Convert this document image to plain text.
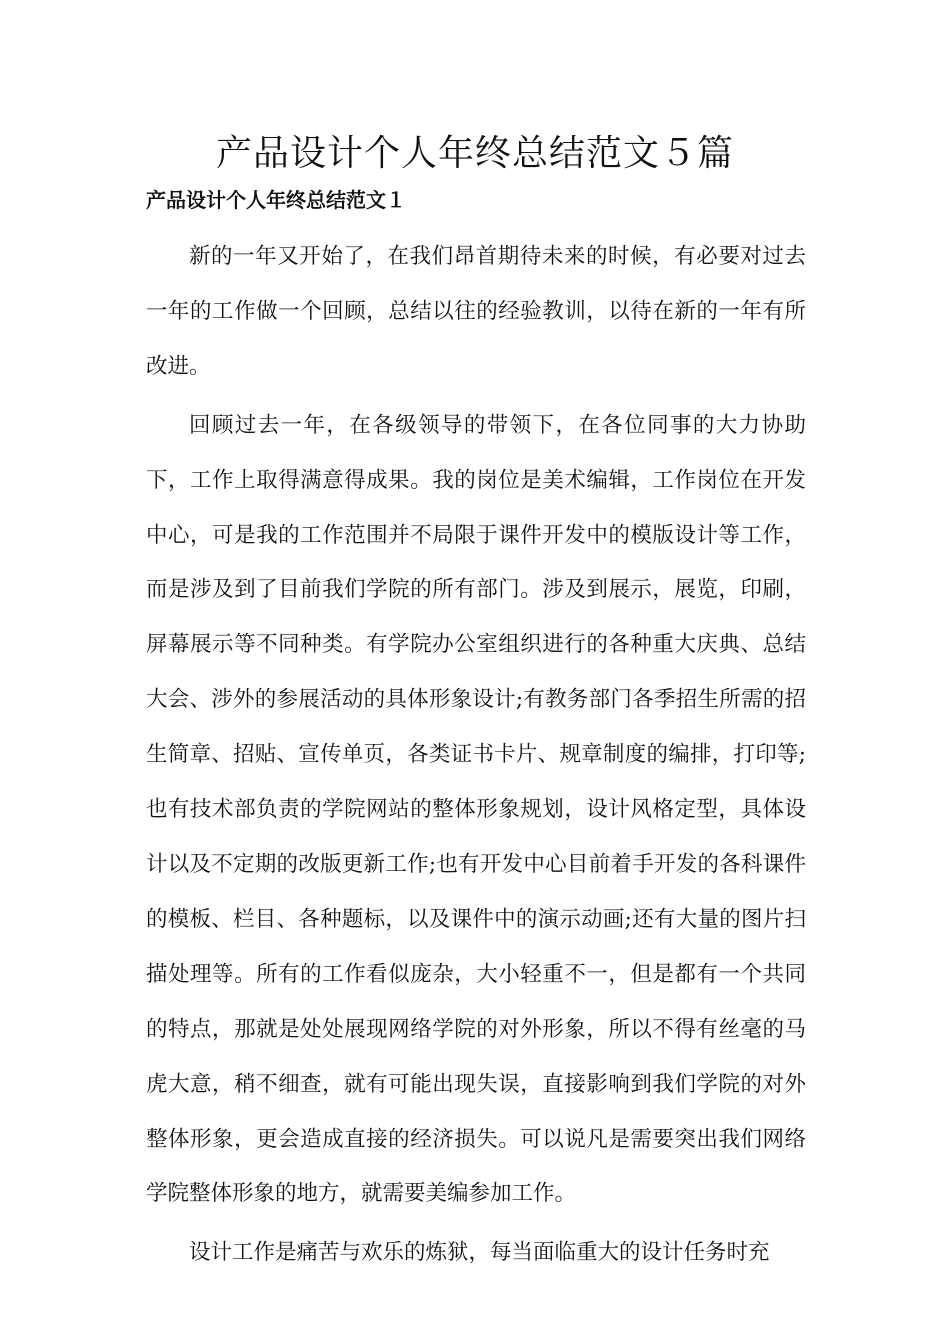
产品设计个人年终总结范文５篇
产品设计个人年终总结范文１

新的一年又开始了，在我们昂首期待未来的时候，有必要对过去一年的工作做一个回顾，总结以往的经验教训，以待在新的一年有所改进。

回顾过去一年，在各级领导的带领下，在各位同事的大力协助下，工作上取得满意得成果。我的岗位是美术编辑，工作岗位在开发中心，可是我的工作范围并不局限于课件开发中的模版设计等工作，而是涉及到了目前我们学院的所有部门。涉及到展示，展览，印刷，屏幕展示等不同种类。有学院办公室组织进行的各种重大庆典、总结大会、涉外的参展活动的具体形象设计;有教务部门各季招生所需的招生简章、招贴、宣传单页，各类证书卡片、规章制度的编排，打印等;也有技术部负责的学院网站的整体形象规划，设计风格定型，具体设计以及不定期的改版更新工作;也有开发中心目前着手开发的各科课件的模板、栏目、各种题标，以及课件中的演示动画;还有大量的图片扫描处理等。所有的工作看似庞杂，大小轻重不一，但是都有一个共同的特点，那就是处处展现网络学院的对外形象，所以不得有丝毫的马虎大意，稍不细查，就有可能出现失误，直接影响到我们学院的对外整体形象，更会造成直接的经济损失。可以说凡是需要突出我们网络学院整体形象的地方，就需要美编参加工作。

设计工作是痛苦与欢乐的炼狱，每当面临重大的设计任务时充
